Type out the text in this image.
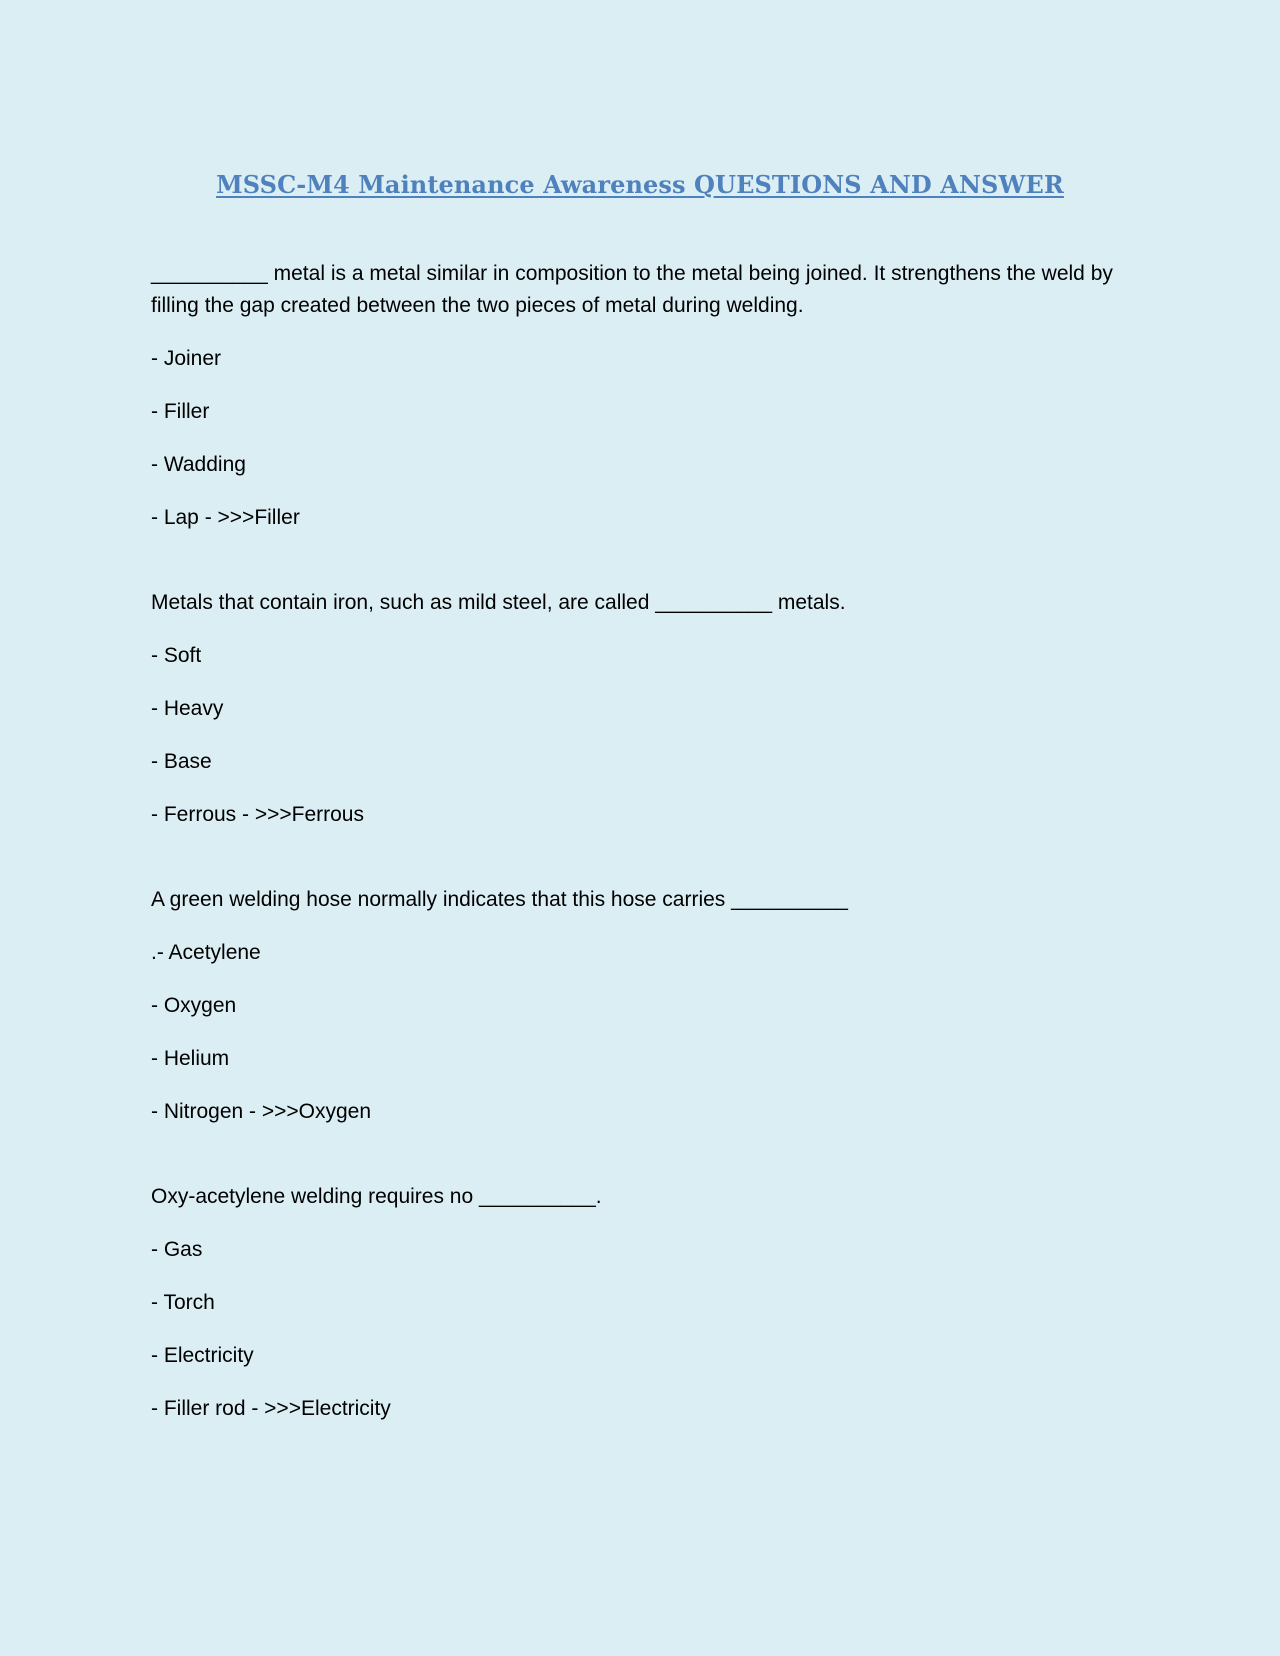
MSSC-M4 Maintenance Awareness QUESTIONS AND ANSWER

__________ metal is a metal similar in composition to the metal being joined. It strengthens the weld by filling the gap created between the two pieces of metal during welding.

- Joiner

- Filler

- Wadding

- Lap - >>>Filler

Metals that contain iron, such as mild steel, are called __________ metals.

- Soft

- Heavy

- Base

- Ferrous - >>>Ferrous

A green welding hose normally indicates that this hose carries __________

.- Acetylene

- Oxygen

- Helium

- Nitrogen - >>>Oxygen

Oxy-acetylene welding requires no __________.

- Gas

- Torch

- Electricity

- Filler rod - >>>Electricity
